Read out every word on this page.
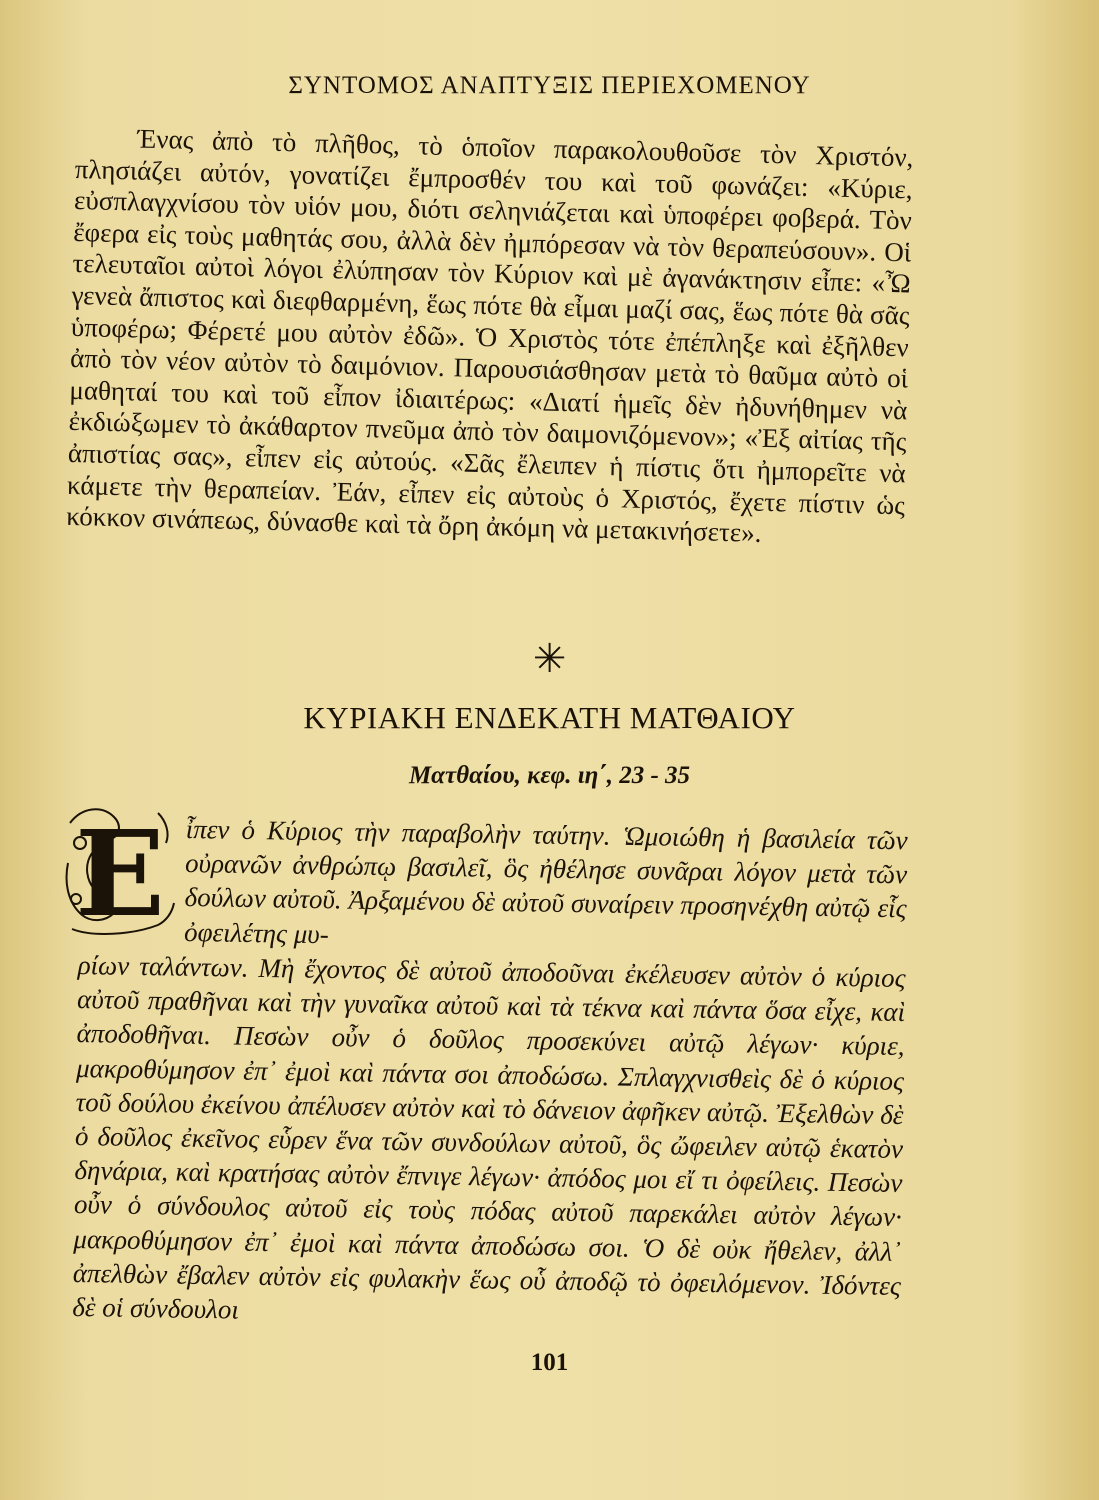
ΣΥΝΤΟΜΟΣ ΑΝΑΠΤΥΞΙΣ ΠΕΡΙΕΧΟΜΕΝΟΥ
Ένας ἀπὸ τὸ πλῆθος, τὸ ὁποῖον παρακολουθοῦσε τὸν Χριστόν, πλησιάζει αὐτόν, γονατίζει ἔμπροσθέν του καὶ τοῦ φωνάζει: «Κύριε, εὐσπλαγχνίσου τὸν υἱόν μου, διότι σεληνιάζεται καὶ ὑποφέρει φοβερά. Τὸν ἔφερα εἰς τοὺς μαθητάς σου, ἀλλὰ δὲν ἠμπόρεσαν νὰ τὸν θεραπεύσουν». Οἱ τελευταῖοι αὐτοὶ λόγοι ἐλύπησαν τὸν Κύριον καὶ μὲ ἀγανάκτησιν εἶπε: «Ὦ γενεὰ ἄπιστος καὶ διεφθαρμένη, ἕως πότε θὰ εἶμαι μαζί σας, ἕως πότε θὰ σᾶς ὑποφέρω; Φέρετέ μου αὐτὸν ἐδῶ». Ὁ Χριστὸς τότε ἐπέπληξε καὶ ἐξῆλθεν ἀπὸ τὸν νέον αὐτὸν τὸ δαιμόνιον. Παρουσιάσθησαν μετὰ τὸ θαῦμα αὐτὸ οἱ μαθηταί του καὶ τοῦ εἶπον ἰδιαιτέρως: «Διατί ἡμεῖς δὲν ἠδυνήθημεν νὰ ἐκδιώξωμεν τὸ ἀκάθαρτον πνεῦμα ἀπὸ τὸν δαιμονιζόμενον»; «Ἐξ αἰτίας τῆς ἀπιστίας σας», εἶπεν εἰς αὐτούς. «Σᾶς ἔλειπεν ἡ πίστις ὅτι ἠμπορεῖτε νὰ κάμετε τὴν θεραπείαν. Ἐάν, εἶπεν εἰς αὐτοὺς ὁ Χριστός, ἔχετε πίστιν ὡς κόκκον σινάπεως, δύνασθε καὶ τὰ ὄρη ἀκόμη νὰ μετακινήσετε».
✳
ΚΥΡΙΑΚΗ ΕΝΔΕΚΑΤΗ ΜΑΤΘΑΙΟΥ
Ματθαίου, κεφ. ιη΄, 23 - 35
Ε ἶπεν ὁ Κύριος τὴν παραβολὴν ταύτην. Ὡμοιώθη ἡ βασιλεία τῶν οὐρανῶν ἀνθρώπῳ βασιλεῖ, ὃς ἠθέλησε συνᾶραι λόγον μετὰ τῶν δούλων αὐτοῦ. Ἀρξαμένου δὲ αὐτοῦ συναίρειν προσηνέχθη αὐτῷ εἷς ὀφειλέτης μυ-
ρίων ταλάντων. Μὴ ἔχοντος δὲ αὐτοῦ ἀποδοῦναι ἐκέλευσεν αὐτὸν ὁ κύριος αὐτοῦ πραθῆναι καὶ τὴν γυναῖκα αὐτοῦ καὶ τὰ τέκνα καὶ πάντα ὅσα εἶχε, καὶ ἀποδοθῆναι. Πεσὼν οὖν ὁ δοῦλος προσεκύνει αὐτῷ λέγων· κύριε, μακροθύμησον ἐπ᾿ ἐμοὶ καὶ πάντα σοι ἀποδώσω. Σπλαγχνισθεὶς δὲ ὁ κύριος τοῦ δούλου ἐκείνου ἀπέλυσεν αὐτὸν καὶ τὸ δάνειον ἀφῆκεν αὐτῷ. Ἐξελθὼν δὲ ὁ δοῦλος ἐκεῖνος εὗρεν ἕνα τῶν συνδούλων αὐτοῦ, ὃς ὤφειλεν αὐτῷ ἑκατὸν δηνάρια, καὶ κρατήσας αὐτὸν ἔπνιγε λέγων· ἀπόδος μοι εἴ τι ὀφείλεις. Πεσὼν οὖν ὁ σύνδουλος αὐτοῦ εἰς τοὺς πόδας αὐτοῦ παρεκάλει αὐτὸν λέγων· μακροθύμησον ἐπ᾿ ἐμοὶ καὶ πάντα ἀποδώσω σοι. Ὁ δὲ οὐκ ἤθελεν, ἀλλ᾿ ἀπελθὼν ἔβαλεν αὐτὸν εἰς φυλακὴν ἕως οὗ ἀποδῷ τὸ ὀφειλόμενον. Ἰδόντες δὲ οἱ σύνδουλοι
101
